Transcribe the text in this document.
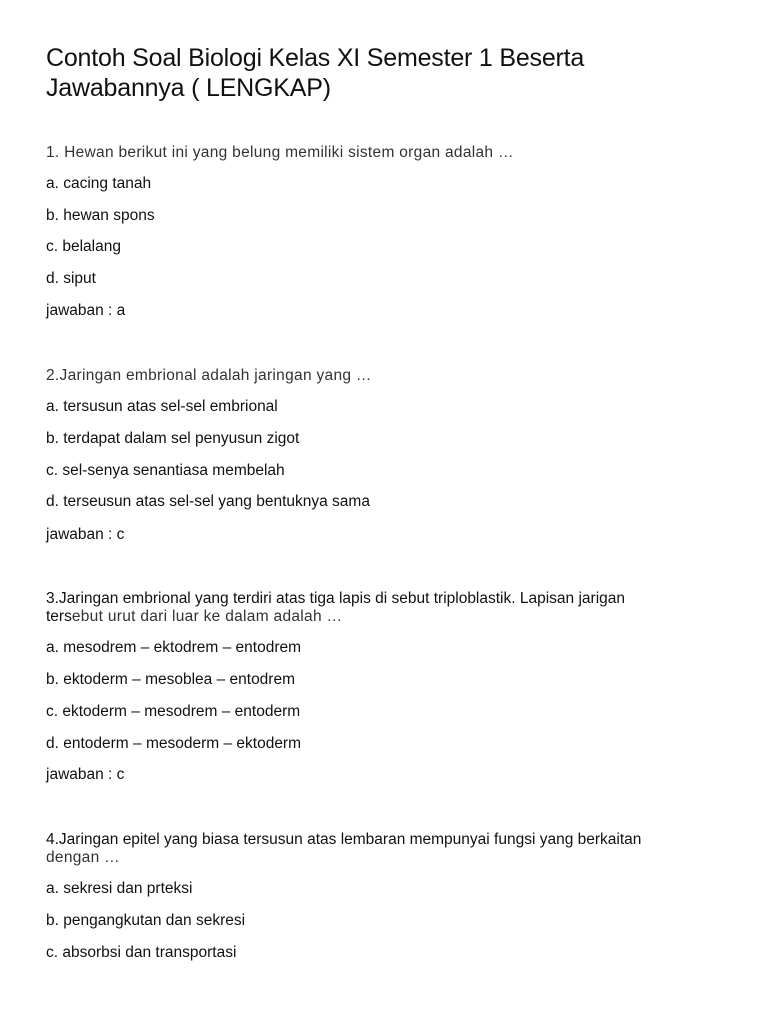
Contoh Soal Biologi Kelas XI Semester 1 Beserta Jawabannya ( LENGKAP)

1. Hewan berikut ini yang belung memiliki sistem organ adalah …

a. cacing tanah

b. hewan spons

c. belalang

d. siput

jawaban : a

2.Jaringan embrional adalah jaringan yang …

a. tersusun atas sel-sel embrional

b. terdapat dalam sel penyusun zigot

c. sel-senya senantiasa membelah

d. terseusun atas sel-sel yang bentuknya sama

jawaban : c

3.Jaringan embrional yang terdiri atas tiga lapis di sebut triploblastik. Lapisan jarigan
tersebut urut dari luar ke dalam adalah …

a. mesodrem – ektodrem – entodrem

b. ektoderm – mesoblea – entodrem

c. ektoderm – mesodrem – entoderm

d. entoderm – mesoderm – ektoderm

jawaban : c

4.Jaringan epitel yang biasa tersusun atas lembaran mempunyai fungsi yang berkaitan
dengan …

a. sekresi dan prteksi

b. pengangkutan dan sekresi

c. absorbsi dan transportasi
